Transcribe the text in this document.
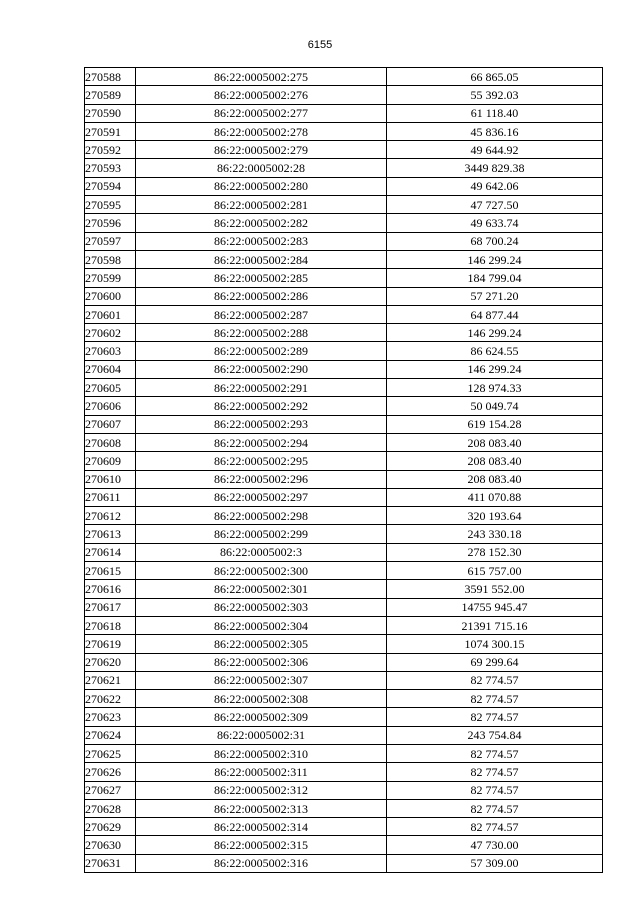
6155
270588	86:22:0005002:275	66 865.05
270589	86:22:0005002:276	55 392.03
270590	86:22:0005002:277	61 118.40
270591	86:22:0005002:278	45 836.16
270592	86:22:0005002:279	49 644.92
270593	86:22:0005002:28	3449 829.38
270594	86:22:0005002:280	49 642.06
270595	86:22:0005002:281	47 727.50
270596	86:22:0005002:282	49 633.74
270597	86:22:0005002:283	68 700.24
270598	86:22:0005002:284	146 299.24
270599	86:22:0005002:285	184 799.04
270600	86:22:0005002:286	57 271.20
270601	86:22:0005002:287	64 877.44
270602	86:22:0005002:288	146 299.24
270603	86:22:0005002:289	86 624.55
270604	86:22:0005002:290	146 299.24
270605	86:22:0005002:291	128 974.33
270606	86:22:0005002:292	50 049.74
270607	86:22:0005002:293	619 154.28
270608	86:22:0005002:294	208 083.40
270609	86:22:0005002:295	208 083.40
270610	86:22:0005002:296	208 083.40
270611	86:22:0005002:297	411 070.88
270612	86:22:0005002:298	320 193.64
270613	86:22:0005002:299	243 330.18
270614	86:22:0005002:3	278 152.30
270615	86:22:0005002:300	615 757.00
270616	86:22:0005002:301	3591 552.00
270617	86:22:0005002:303	14755 945.47
270618	86:22:0005002:304	21391 715.16
270619	86:22:0005002:305	1074 300.15
270620	86:22:0005002:306	69 299.64
270621	86:22:0005002:307	82 774.57
270622	86:22:0005002:308	82 774.57
270623	86:22:0005002:309	82 774.57
270624	86:22:0005002:31	243 754.84
270625	86:22:0005002:310	82 774.57
270626	86:22:0005002:311	82 774.57
270627	86:22:0005002:312	82 774.57
270628	86:22:0005002:313	82 774.57
270629	86:22:0005002:314	82 774.57
270630	86:22:0005002:315	47 730.00
270631	86:22:0005002:316	57 309.00
